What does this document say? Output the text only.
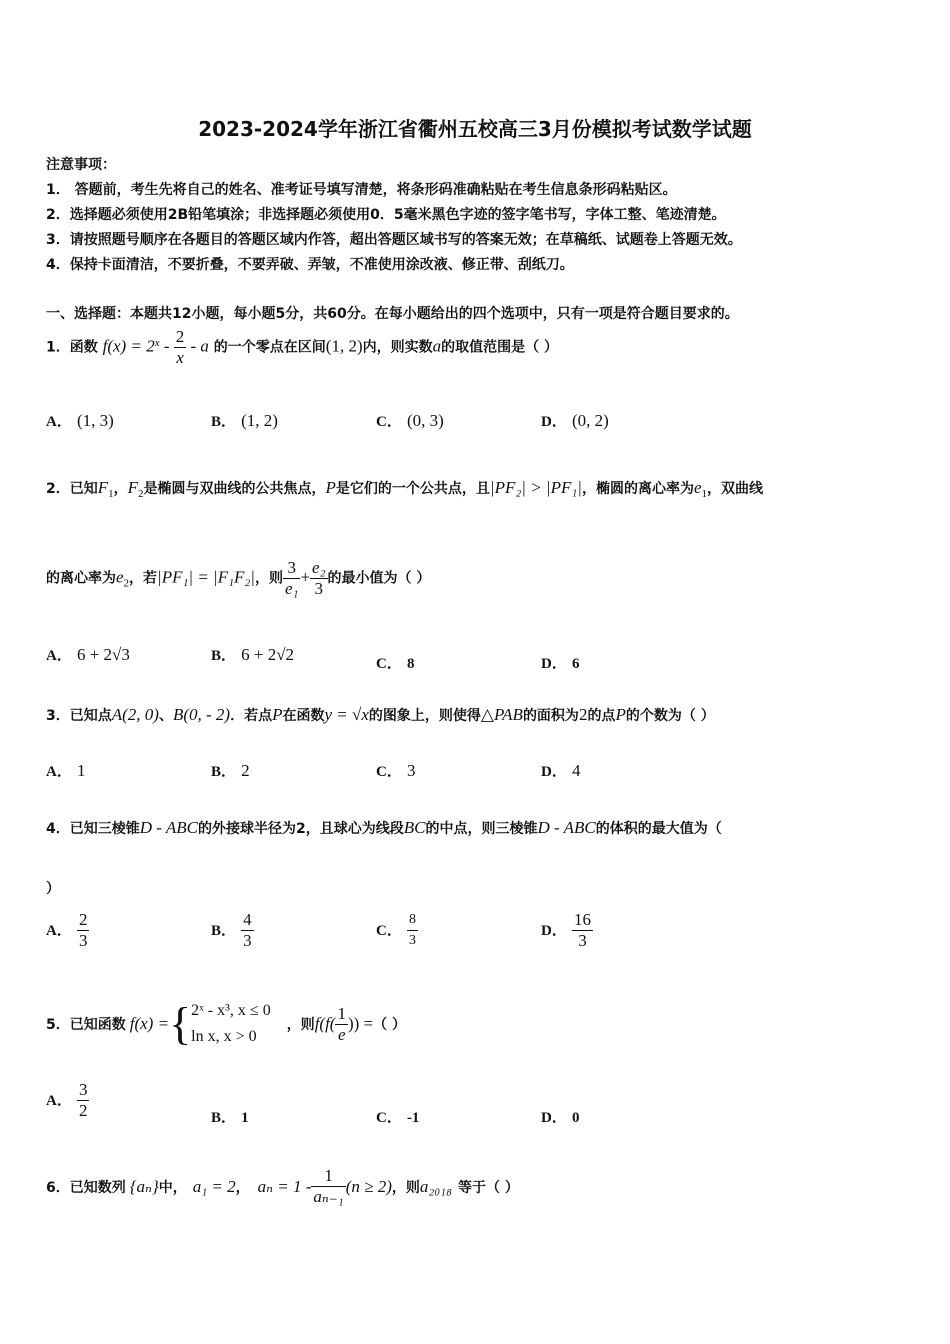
2023-2024学年浙江省衢州五校高三3月份模拟考试数学试题
注意事项：
1． 答题前，考生先将自己的姓名、准考证号填写清楚，将条形码准确粘贴在考生信息条形码粘贴区。
2．选择题必须使用2B铅笔填涂；非选择题必须使用0．5毫米黑色字迹的签字笔书写，字体工整、笔迹清楚。
3．请按照题号顺序在各题目的答题区域内作答，超出答题区域书写的答案无效；在草稿纸、试题卷上答题无效。
4．保持卡面清洁，不要折叠，不要弄破、弄皱，不准使用涂改液、修正带、刮纸刀。
一、选择题：本题共12小题，每小题5分，共60分。在每小题给出的四个选项中，只有一项是符合题目要求的。
1．函数 $f(x) = 2^x - \frac{2}{x} - a$ 的一个零点在区间(1, 2)内，则实数a的取值范围是（ ）
A． (1, 3)	B． (1, 2)	C． (0, 3)	D． (0, 2)
2．已知$F_1$，$F_2$是椭圆与双曲线的公共焦点，P是它们的一个公共点，且|PF₂| > |PF₁|，椭圆的离心率为$e_1$，双曲线
的离心率为$e_2$，若|PF₁| = |F₁F₂|，则 $\frac{3}{\text{e₁}} + \frac{\text{e₂}}{3}$ 的最小值为（ ）
A． 6 + 2√3	B． 6 + 2√2	C． 8	D． 6
3．已知点A(2, 0)、B(0, - 2)．若点P在函数y = √x的图象上，则使得△PAB的面积为2的点P的个数为（ ）
A． 1	B． 2	C． 3	D． 4
4．已知三棱锥D - ABC的外接球半径为2，且球心为线段BC的中点，则三棱锥D - ABC的体积的最大值为（
）
A． $\frac{2}{3}$	B． $\frac{4}{3}$	C． $\frac{8}{3}$	D． $\frac{16}{3}$
5．已知函数 f(x) = { 2ˣ - x³, x ≤ 0
ln x, x > 0
，则 $f(f( \frac{1}{e}$ )) = （ ）
A． $\frac{3}{2}$	B． 1	C． -1	D． 0
6．已知数列 {aₙ} 中， a₁ = 2 ， $a_n = 1 - \frac{1}{\text{aₙ₋₁}} (n \ge 2)$ ，则 a₂₀₁₈ 等于（ ）
